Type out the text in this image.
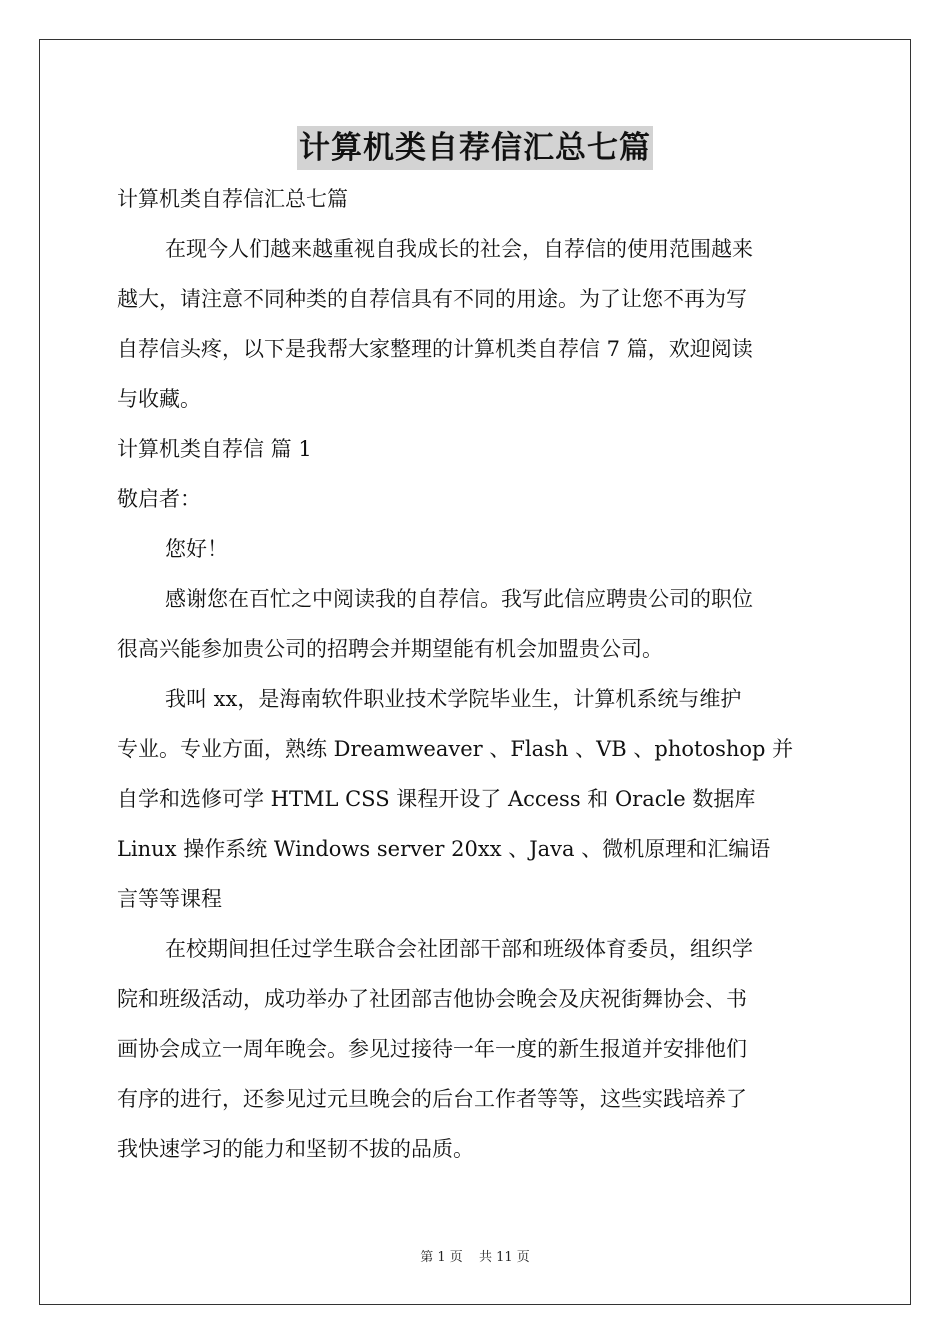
计算机类自荐信汇总七篇
计算机类自荐信汇总七篇
在现今人们越来越重视自我成长的社会，自荐信的使用范围越来
越大，请注意不同种类的自荐信具有不同的用途。为了让您不再为写
自荐信头疼，以下是我帮大家整理的计算机类自荐信 7 篇，欢迎阅读
与收藏。
计算机类自荐信 篇 1
敬启者：
您好！
感谢您在百忙之中阅读我的自荐信。我写此信应聘贵公司的职位
很高兴能参加贵公司的招聘会并期望能有机会加盟贵公司。
我叫 xx，是海南软件职业技术学院毕业生，计算机系统与维护
专业。专业方面，熟练 Dreamweaver 、Flash 、VB 、photoshop 并
自学和选修可学 HTML CSS 课程开设了 Access 和 Oracle 数据库
Linux 操作系统 Windows server 20xx 、Java 、微机原理和汇编语
言等等课程
在校期间担任过学生联合会社团部干部和班级体育委员，组织学
院和班级活动，成功举办了社团部吉他协会晚会及庆祝街舞协会、书
画协会成立一周年晚会。参见过接待一年一度的新生报道并安排他们
有序的进行，还参见过元旦晚会的后台工作者等等，这些实践培养了
我快速学习的能力和坚韧不拔的品质。
第 1 页 共 11 页
